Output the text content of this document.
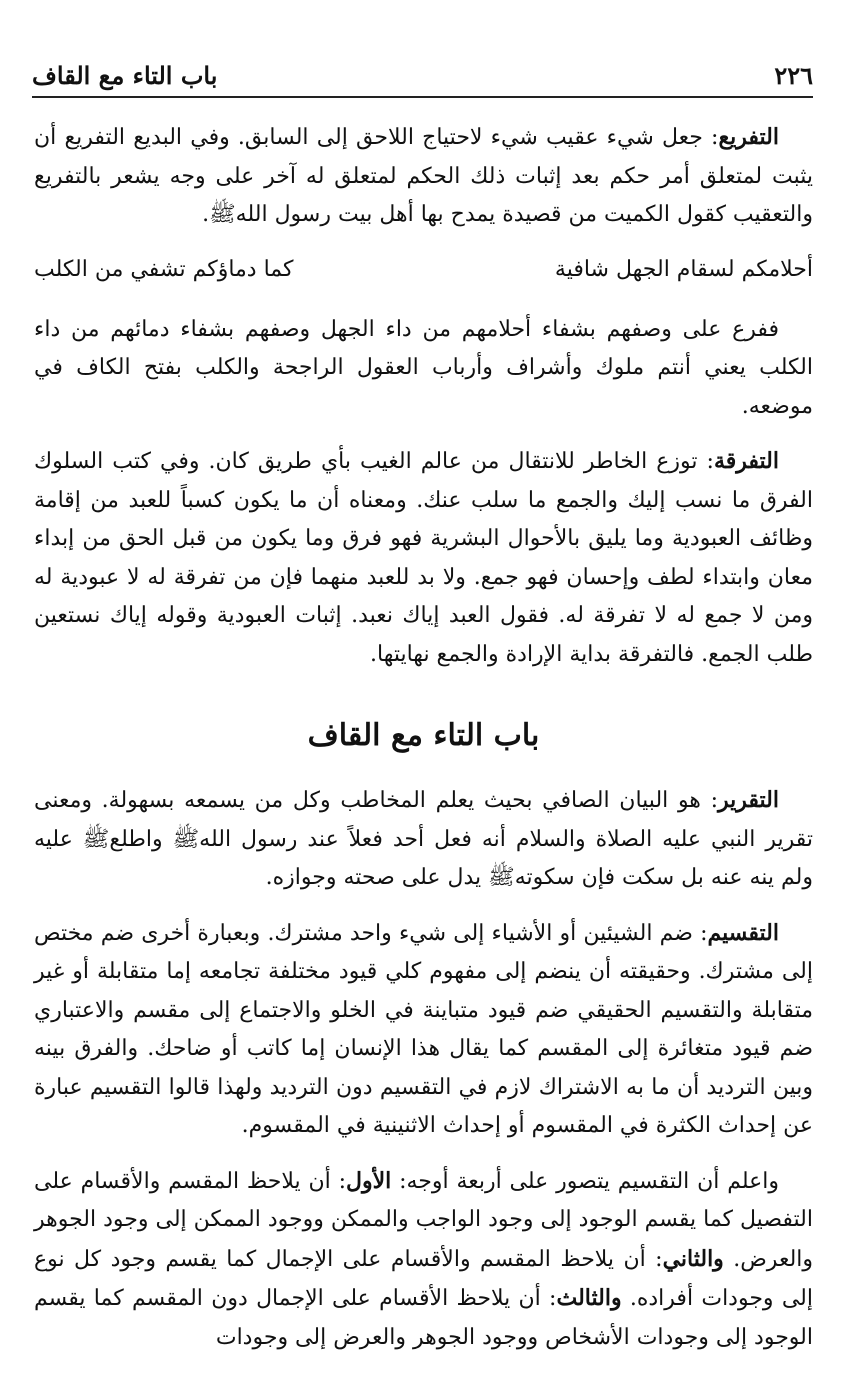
٢٢٦
باب التاء مع القاف

التفريع: جعل شيء عقيب شيء لاحتياج اللاحق إلى السابق. وفي البديع التفريع أن يثبت لمتعلق أمر حكم بعد إثبات ذلك الحكم لمتعلق له آخر على وجه يشعر بالتفريع والتعقيب كقول الكميت من قصيدة يمدح بها أهل بيت رسول اللهﷺ.

أحلامكم لسقام الجهل شافية
كما دماؤكم تشفي من الكلب

ففرع على وصفهم بشفاء أحلامهم من داء الجهل وصفهم بشفاء دمائهم من داء الكلب يعني أنتم ملوك وأشراف وأرباب العقول الراجحة والكلب بفتح الكاف في موضعه.

التفرقة: توزع الخاطر للانتقال من عالم الغيب بأي طريق كان. وفي كتب السلوك الفرق ما نسب إليك والجمع ما سلب عنك. ومعناه أن ما يكون كسباً للعبد من إقامة وظائف العبودية وما يليق بالأحوال البشرية فهو فرق وما يكون من قبل الحق من إبداء معان وابتداء لطف وإحسان فهو جمع. ولا بد للعبد منهما فإن من تفرقة له لا عبودية له ومن لا جمع له لا تفرقة له. فقول العبد إياك نعبد. إثبات العبودية وقوله إياك نستعين طلب الجمع. فالتفرقة بداية الإرادة والجمع نهايتها.

باب التاء مع القاف

التقرير: هو البيان الصافي بحيث يعلم المخاطب وكل من يسمعه بسهولة. ومعنى تقرير النبي عليه الصلاة والسلام أنه فعل أحد فعلاً عند رسول اللهﷺ واطلعﷺ عليه ولم ينه عنه بل سكت فإن سكوتهﷺ يدل على صحته وجوازه.

التقسيم: ضم الشيئين أو الأشياء إلى شيء واحد مشترك. وبعبارة أخرى ضم مختص إلى مشترك. وحقيقته أن ينضم إلى مفهوم كلي قيود مختلفة تجامعه إما متقابلة أو غير متقابلة والتقسيم الحقيقي ضم قيود متباينة في الخلو والاجتماع إلى مقسم والاعتباري ضم قيود متغائرة إلى المقسم كما يقال هذا الإنسان إما كاتب أو ضاحك. والفرق بينه وبين الترديد أن ما به الاشتراك لازم في التقسيم دون الترديد ولهذا قالوا التقسيم عبارة عن إحداث الكثرة في المقسوم أو إحداث الاثنينية في المقسوم.

واعلم أن التقسيم يتصور على أربعة أوجه: الأول: أن يلاحظ المقسم والأقسام على التفصيل كما يقسم الوجود إلى وجود الواجب والممكن ووجود الممكن إلى وجود الجوهر والعرض. والثاني: أن يلاحظ المقسم والأقسام على الإجمال كما يقسم وجود كل نوع إلى وجودات أفراده. والثالث: أن يلاحظ الأقسام على الإجمال دون المقسم كما يقسم الوجود إلى وجودات الأشخاص ووجود الجوهر والعرض إلى وجودات
